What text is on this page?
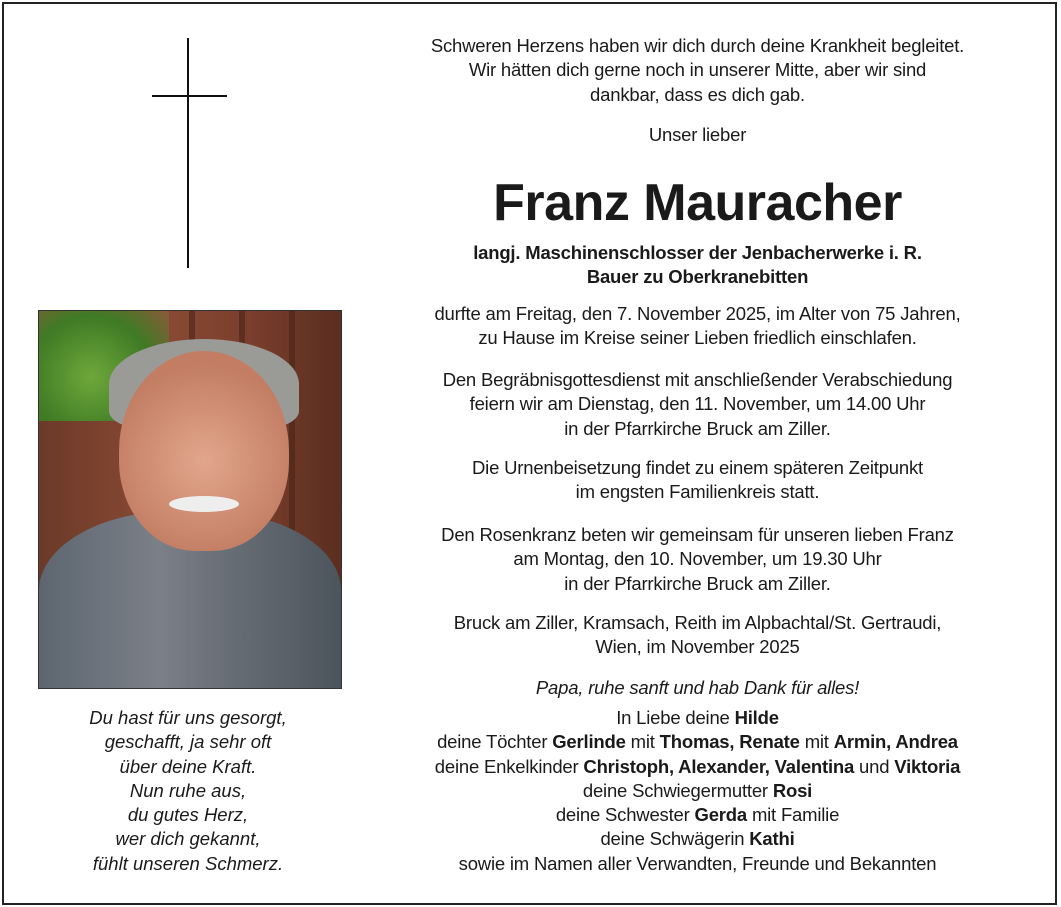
Schweren Herzens haben wir dich durch deine Krankheit begleitet.
Wir hätten dich gerne noch in unserer Mitte, aber wir sind
dankbar, dass es dich gab.
Unser lieber
Franz Mauracher
langj. Maschinenschlosser der Jenbacherwerke i. R.
Bauer zu Oberkranebitten
durfte am Freitag, den 7. November 2025, im Alter von 75 Jahren,
zu Hause im Kreise seiner Lieben friedlich einschlafen.
Den Begräbnisgottesdienst mit anschließender Verabschiedung
feiern wir am Dienstag, den 11. November, um 14.00 Uhr
in der Pfarrkirche Bruck am Ziller.
Die Urnenbeisetzung findet zu einem späteren Zeitpunkt
im engsten Familienkreis statt.
Den Rosenkranz beten wir gemeinsam für unseren lieben Franz
am Montag, den 10. November, um 19.30 Uhr
in der Pfarrkirche Bruck am Ziller.
Bruck am Ziller, Kramsach, Reith im Alpbachtal/St. Gertraudi,
Wien, im November 2025
Papa, ruhe sanft und hab Dank für alles!
In Liebe deine Hilde
deine Töchter Gerlinde mit Thomas, Renate mit Armin, Andrea
deine Enkelkinder Christoph, Alexander, Valentina und Viktoria
deine Schwiegermutter Rosi
deine Schwester Gerda mit Familie
deine Schwägerin Kathi
sowie im Namen aller Verwandten, Freunde und Bekannten
Du hast für uns gesorgt,
geschafft, ja sehr oft
über deine Kraft.
Nun ruhe aus,
du gutes Herz,
wer dich gekannt,
fühlt unseren Schmerz.
